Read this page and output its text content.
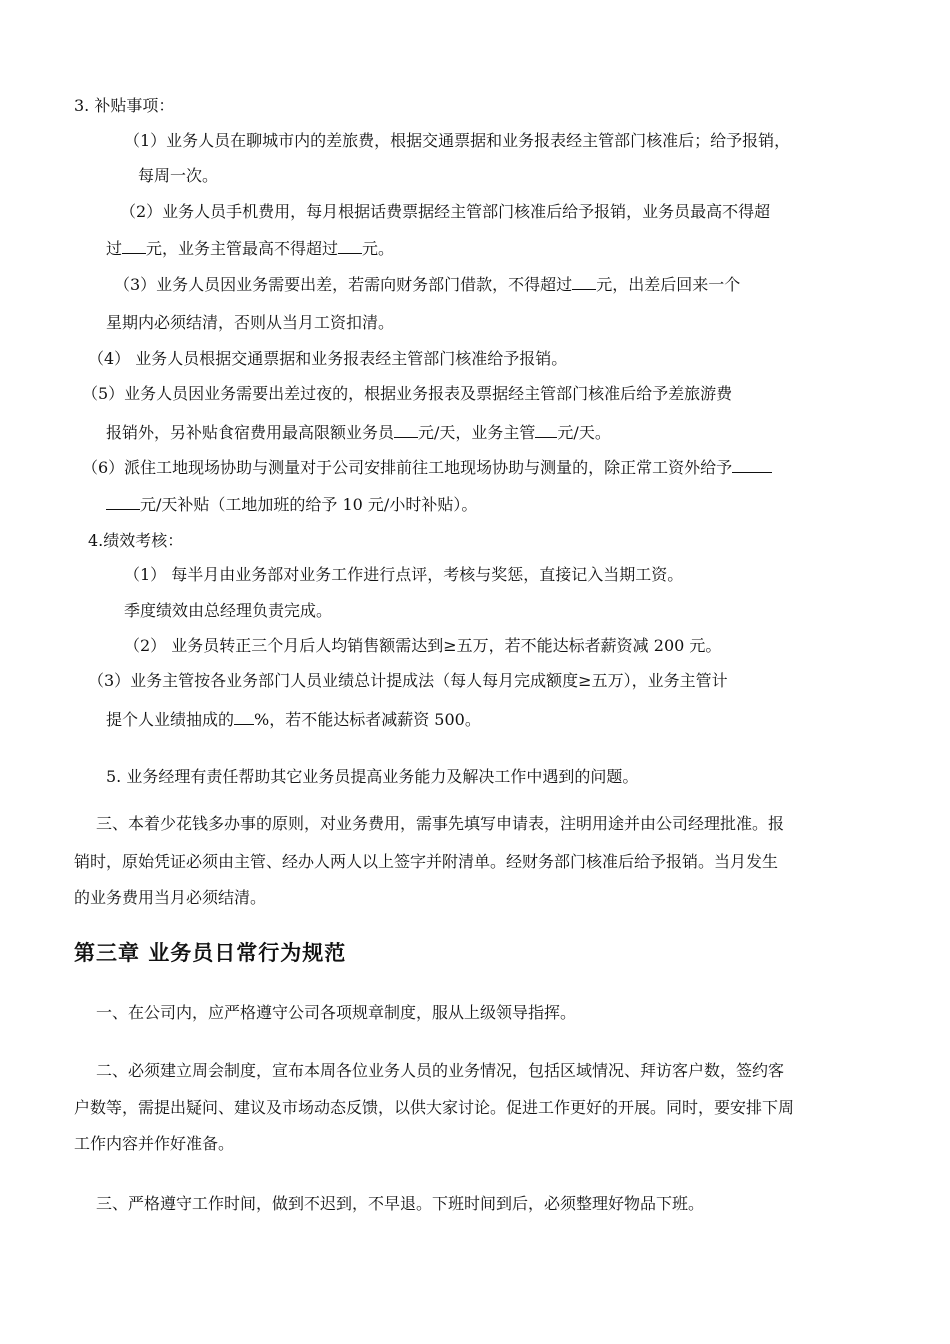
3. 补贴事项：
（1）业务人员在聊城市内的差旅费，根据交通票据和业务报表经主管部门核准后；给予报销，
每周一次。
（2）业务人员手机费用，每月根据话费票据经主管部门核准后给予报销，业务员最高不得超
过 元，业务主管最高不得超过 元。
（3）业务人员因业务需要出差，若需向财务部门借款，不得超过 元，出差后回来一个
星期内必须结清，否则从当月工资扣清。
（4） 业务人员根据交通票据和业务报表经主管部门核准给予报销。
（5）业务人员因业务需要出差过夜的，根据业务报表及票据经主管部门核准后给予差旅游费
报销外，另补贴食宿费用最高限额业务员 元/天，业务主管 元/天。
（6）派住工地现场协助与测量对于公司安排前往工地现场协助与测量的，除正常工资外给予
元/天补贴（工地加班的给予 10 元/小时补贴）。
4.绩效考核：
（1） 每半月由业务部对业务工作进行点评，考核与奖惩，直接记入当期工资。
季度绩效由总经理负责完成。
（2） 业务员转正三个月后人均销售额需达到≥五万，若不能达标者薪资减 200 元。
（3）业务主管按各业务部门人员业绩总计提成法（每人每月完成额度≥五万），业务主管计
提个人业绩抽成的 %，若不能达标者减薪资 500。
5. 业务经理有责任帮助其它业务员提高业务能力及解决工作中遇到的问题。
三、本着少花钱多办事的原则，对业务费用，需事先填写申请表，注明用途并由公司经理批准。报
销时，原始凭证必须由主管、经办人两人以上签字并附清单。经财务部门核准后给予报销。当月发生
的业务费用当月必须结清。
第三章 业务员日常行为规范
一、在公司内，应严格遵守公司各项规章制度，服从上级领导指挥。
二、必须建立周会制度，宣布本周各位业务人员的业务情况，包括区域情况、拜访客户数，签约客
户数等，需提出疑问、建议及市场动态反馈，以供大家讨论。促进工作更好的开展。同时，要安排下周
工作内容并作好准备。
三、严格遵守工作时间，做到不迟到，不早退。下班时间到后，必须整理好物品下班。
